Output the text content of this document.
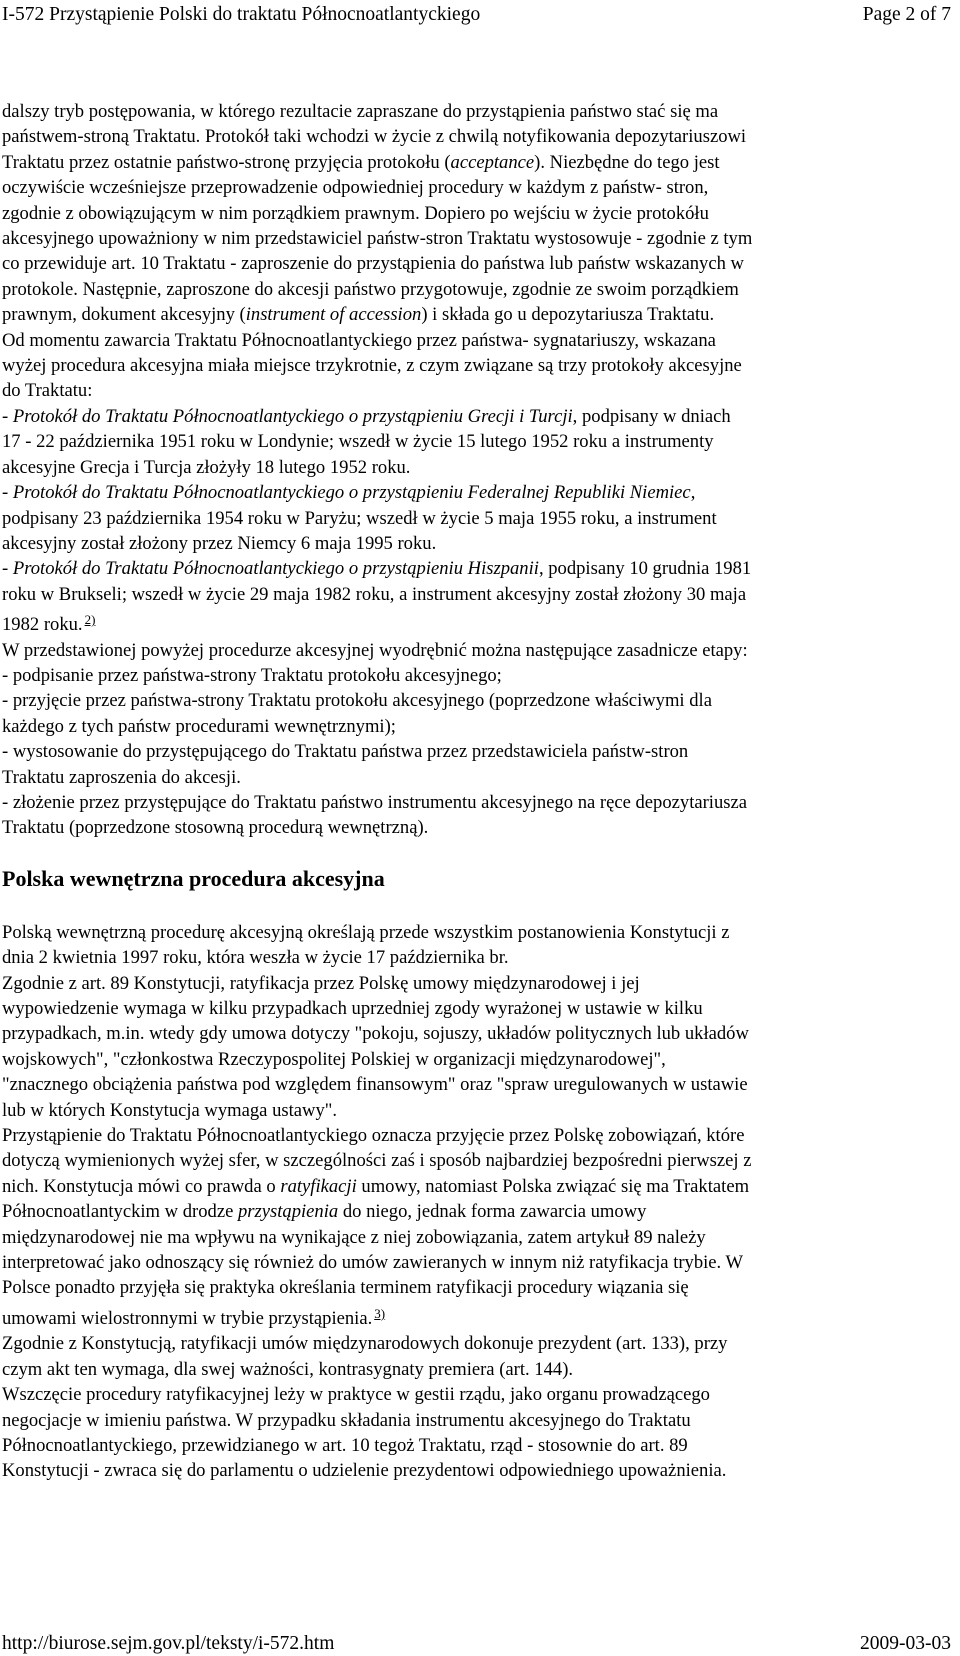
I-572 Przystąpienie Polski do traktatu Północnoatlantyckiego	Page 2 of 7

dalszy tryb postępowania, w którego rezultacie zapraszane do przystąpienia państwo stać się ma

państwem-stroną Traktatu. Protokół taki wchodzi w życie z chwilą notyfikowania depozytariuszowi

Traktatu przez ostatnie państwo-stronę przyjęcia protokołu (acceptance). Niezbędne do tego jest

oczywiście wcześniejsze przeprowadzenie odpowiedniej procedury w każdym z państw- stron,

zgodnie z obowiązującym w nim porządkiem prawnym. Dopiero po wejściu w życie protokółu

akcesyjnego upoważniony w nim przedstawiciel państw-stron Traktatu wystosowuje - zgodnie z tym

co przewiduje art. 10 Traktatu - zaproszenie do przystąpienia do państwa lub państw wskazanych w

protokole. Następnie, zaproszone do akcesji państwo przygotowuje, zgodnie ze swoim porządkiem

prawnym, dokument akcesyjny (instrument of accession) i składa go u depozytariusza Traktatu.

Od momentu zawarcia Traktatu Północnoatlantyckiego przez państwa- sygnatariuszy, wskazana

wyżej procedura akcesyjna miała miejsce trzykrotnie, z czym związane są trzy protokoły akcesyjne

do Traktatu:

- Protokół do Traktatu Północnoatlantyckiego o przystąpieniu Grecji i Turcji, podpisany w dniach

17 - 22 października 1951 roku w Londynie; wszedł w życie 15 lutego 1952 roku a instrumenty

akcesyjne Grecja i Turcja złożyły 18 lutego 1952 roku.

- Protokół do Traktatu Północnoatlantyckiego o przystąpieniu Federalnej Republiki Niemiec,

podpisany 23 października 1954 roku w Paryżu; wszedł w życie 5 maja 1955 roku, a instrument

akcesyjny został złożony przez Niemcy 6 maja 1995 roku.

- Protokół do Traktatu Północnoatlantyckiego o przystąpieniu Hiszpanii, podpisany 10 grudnia 1981

roku w Brukseli; wszedł w życie 29 maja 1982 roku, a instrument akcesyjny został złożony 30 maja

1982 roku. $^{2)}$

W przedstawionej powyżej procedurze akcesyjnej wyodrębnić można następujące zasadnicze etapy:

- podpisanie przez państwa-strony Traktatu protokołu akcesyjnego;

- przyjęcie przez państwa-strony Traktatu protokołu akcesyjnego (poprzedzone właściwymi dla

każdego z tych państw procedurami wewnętrznymi);

- wystosowanie do przystępującego do Traktatu państwa przez przedstawiciela państw-stron

Traktatu zaproszenia do akcesji.

- złożenie przez przystępujące do Traktatu państwo instrumentu akcesyjnego na ręce depozytariusza

Traktatu (poprzedzone stosowną procedurą wewnętrzną).

Polska wewnętrzna procedura akcesyjna

Polską wewnętrzną procedurę akcesyjną określają przede wszystkim postanowienia Konstytucji z

dnia 2 kwietnia 1997 roku, która weszła w życie 17 października br.

Zgodnie z art. 89 Konstytucji, ratyfikacja przez Polskę umowy międzynarodowej i jej

wypowiedzenie wymaga w kilku przypadkach uprzedniej zgody wyrażonej w ustawie w kilku

przypadkach, m.in. wtedy gdy umowa dotyczy "pokoju, sojuszy, układów politycznych lub układów

wojskowych", "członkostwa Rzeczypospolitej Polskiej w organizacji międzynarodowej",

"znacznego obciążenia państwa pod względem finansowym" oraz "spraw uregulowanych w ustawie

lub w których Konstytucja wymaga ustawy".

Przystąpienie do Traktatu Północnoatlantyckiego oznacza przyjęcie przez Polskę zobowiązań, które

dotyczą wymienionych wyżej sfer, w szczególności zaś i sposób najbardziej bezpośredni pierwszej z

nich. Konstytucja mówi co prawda o ratyfikacji umowy, natomiast Polska związać się ma Traktatem

Północnoatlantyckim w drodze przystąpienia do niego, jednak forma zawarcia umowy

międzynarodowej nie ma wpływu na wynikające z niej zobowiązania, zatem artykuł 89 należy

interpretować jako odnoszący się również do umów zawieranych w innym niż ratyfikacja trybie. W

Polsce ponadto przyjęła się praktyka określania terminem ratyfikacji procedury wiązania się

umowami wielostronnymi w trybie przystąpienia. $^{3)}$

Zgodnie z Konstytucją, ratyfikacji umów międzynarodowych dokonuje prezydent (art. 133), przy

czym akt ten wymaga, dla swej ważności, kontrasygnaty premiera (art. 144).

Wszczęcie procedury ratyfikacyjnej leży w praktyce w gestii rządu, jako organu prowadzącego

negocjacje w imieniu państwa. W przypadku składania instrumentu akcesyjnego do Traktatu

Północnoatlantyckiego, przewidzianego w art. 10 tegoż Traktatu, rząd - stosownie do art. 89

Konstytucji - zwraca się do parlamentu o udzielenie prezydentowi odpowiedniego upoważnienia.

http://biurose.sejm.gov.pl/teksty/i-572.htm	2009-03-03
